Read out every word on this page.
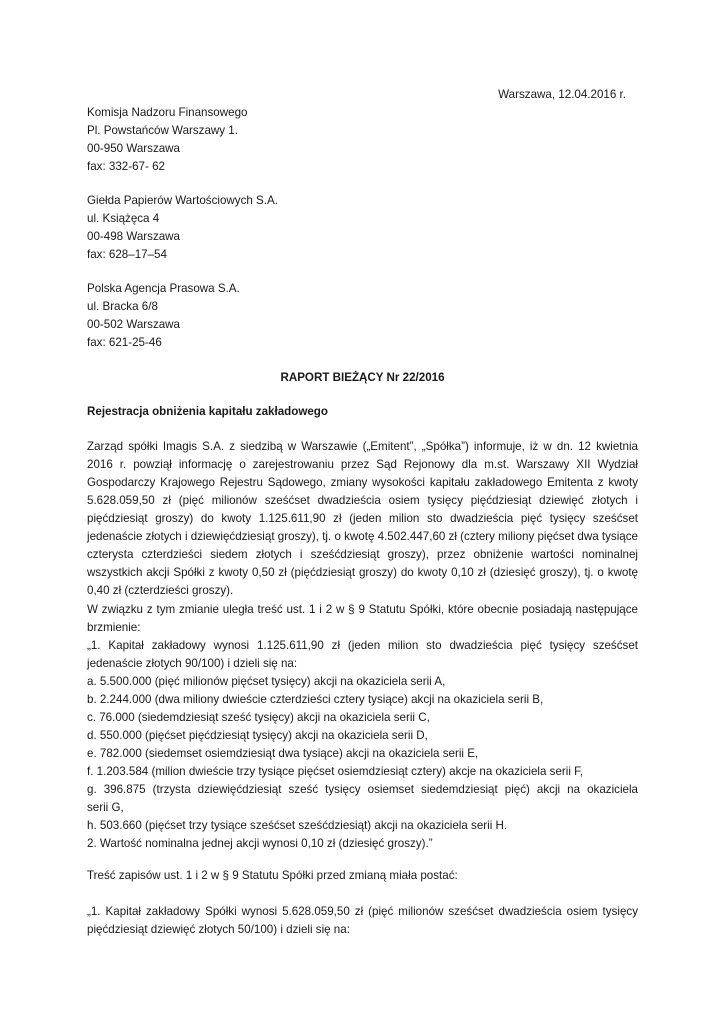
Warszawa, 12.04.2016 r.

Komisja Nadzoru Finansowego
Pl. Powstańców Warszawy 1.
00-950 Warszawa
fax: 332-67- 62
Giełda Papierów Wartościowych S.A.
ul. Książęca 4
00-498 Warszawa
fax: 628–17–54
Polska Agencja Prasowa S.A.
ul. Bracka 6/8
00-502 Warszawa
fax: 621-25-46

RAPORT BIEŻĄCY Nr 22/2016

Rejestracja obniżenia kapitału zakładowego

Zarząd spółki Imagis S.A. z siedzibą w Warszawie („Emitent”, „Spółka”) informuje, iż w dn. 12 kwietnia 2016 r. powziął informację o zarejestrowaniu przez Sąd Rejonowy dla m.st. Warszawy XII Wydział Gospodarczy Krajowego Rejestru Sądowego, zmiany wysokości kapitału zakładowego Emitenta z kwoty 5.628.059,50 zł (pięć milionów sześćset dwadzieścia osiem tysięcy pięćdziesiąt dziewięć złotych i pięćdziesiąt groszy) do kwoty 1.125.611,90 zł (jeden milion sto dwadzieścia pięć tysięcy sześćset jedenaście złotych i dziewięćdziesiąt groszy), tj. o kwotę 4.502.447,60 zł (cztery miliony pięćset dwa tysiące czterysta czterdzieści siedem złotych i sześćdziesiąt groszy), przez obniżenie wartości nominalnej wszystkich akcji Spółki z kwoty 0,50 zł (pięćdziesiąt groszy) do kwoty 0,10 zł (dziesięć groszy), tj. o kwotę 0,40 zł (czterdzieści groszy).

W związku z tym zmianie uległa treść ust. 1 i 2 w § 9 Statutu Spółki, które obecnie posiadają następujące brzmienie:

„1. Kapitał zakładowy wynosi 1.125.611,90 zł (jeden milion sto dwadzieścia pięć tysięcy sześćset
jedenaście złotych 90/100) i dzieli się na:
a. 5.500.000 (pięć milionów pięćset tysięcy) akcji na okaziciela serii A,
b. 2.244.000 (dwa miliony dwieście czterdzieści cztery tysiące) akcji na okaziciela serii B,
c. 76.000 (siedemdziesiąt sześć tysięcy) akcji na okaziciela serii C,
d. 550.000 (pięćset pięćdziesiąt tysięcy) akcji na okaziciela serii D,
e. 782.000 (siedemset osiemdziesiąt dwa tysiące) akcji na okaziciela serii E,
f. 1.203.584 (milion dwieście trzy tysiące pięćset osiemdziesiąt cztery) akcje na okaziciela serii F,
g. 396.875 (trzysta dziewięćdziesiąt sześć tysięcy osiemset siedemdziesiąt pięć) akcji na okaziciela
serii G,
h. 503.660 (pięćset trzy tysiące sześćset sześćdziesiąt) akcji na okaziciela serii H.
2. Wartość nominalna jednej akcji wynosi 0,10 zł (dziesięć groszy).”

Treść zapisów ust. 1 i 2 w § 9 Statutu Spółki przed zmianą miała postać:

„1. Kapitał zakładowy Spółki wynosi 5.628.059,50 zł (pięć milionów sześćset dwadzieścia osiem tysięcy pięćdziesiąt dziewięć złotych 50/100) i dzieli się na:
